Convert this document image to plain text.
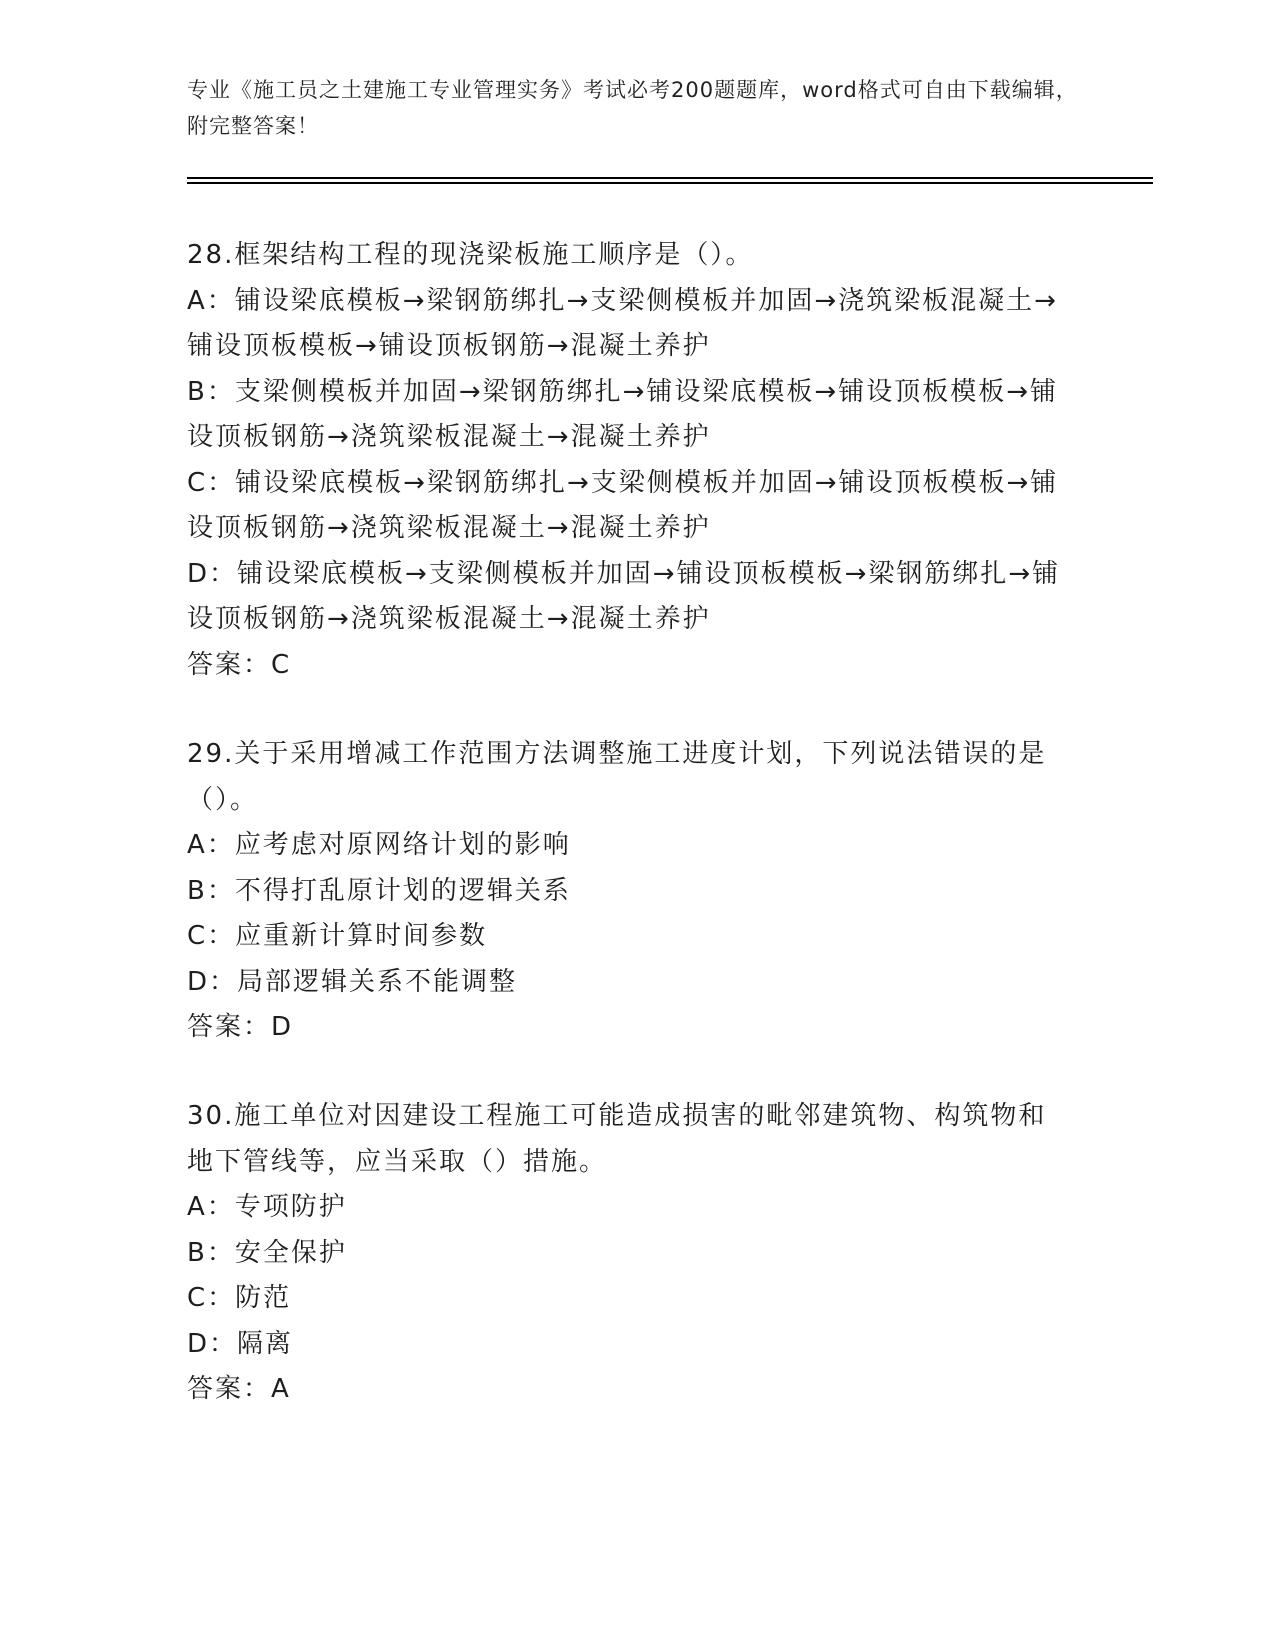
专业《施工员之土建施工专业管理实务》考试必考200题题库，word格式可自由下载编辑，附完整答案！

28.框架结构工程的现浇梁板施工顺序是（）。

A：铺设梁底模板→梁钢筋绑扎→支梁侧模板并加固→浇筑梁板混凝土→铺设顶板模板→铺设顶板钢筋→混凝土养护

B：支梁侧模板并加固→梁钢筋绑扎→铺设梁底模板→铺设顶板模板→铺设顶板钢筋→浇筑梁板混凝土→混凝土养护

C：铺设梁底模板→梁钢筋绑扎→支梁侧模板并加固→铺设顶板模板→铺设顶板钢筋→浇筑梁板混凝土→混凝土养护

D：铺设梁底模板→支梁侧模板并加固→铺设顶板模板→梁钢筋绑扎→铺设顶板钢筋→浇筑梁板混凝土→混凝土养护

答案：C

29.关于采用增减工作范围方法调整施工进度计划，下列说法错误的是（）。

A：应考虑对原网络计划的影响

B：不得打乱原计划的逻辑关系

C：应重新计算时间参数

D：局部逻辑关系不能调整

答案：D

30.施工单位对因建设工程施工可能造成损害的毗邻建筑物、构筑物和地下管线等，应当采取（）措施。

A：专项防护

B：安全保护

C：防范

D：隔离

答案：A
